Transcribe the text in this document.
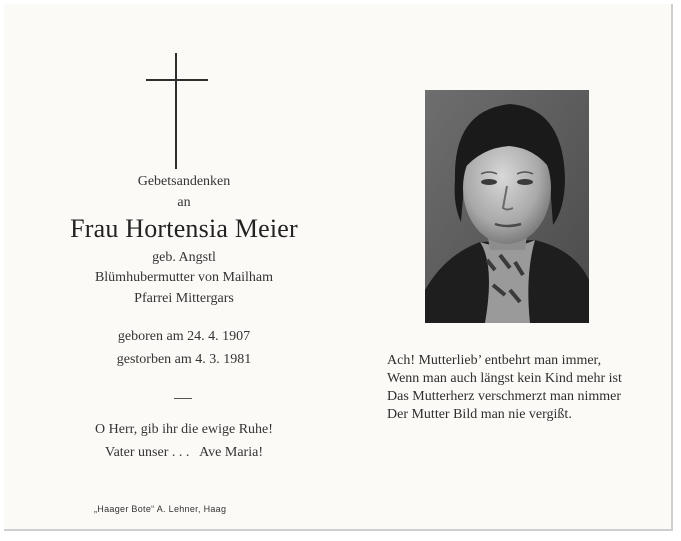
Gebetsandenken
an
Frau Hortensia Meier
geb. Angstl
Blümhubermutter von Mailham
Pfarrei Mittergars
geboren am 24. 4. 1907
gestorben am 4. 3. 1981
O Herr, gib ihr die ewige Ruhe!
Vater unser . . .   Ave Maria!
„Haager Bote“ A. Lehner, Haag
Ach! Mutterlieb’ entbehrt man immer,
Wenn man auch längst kein Kind mehr ist
Das Mutterherz verschmerzt man nimmer
Der Mutter Bild man nie vergißt.
